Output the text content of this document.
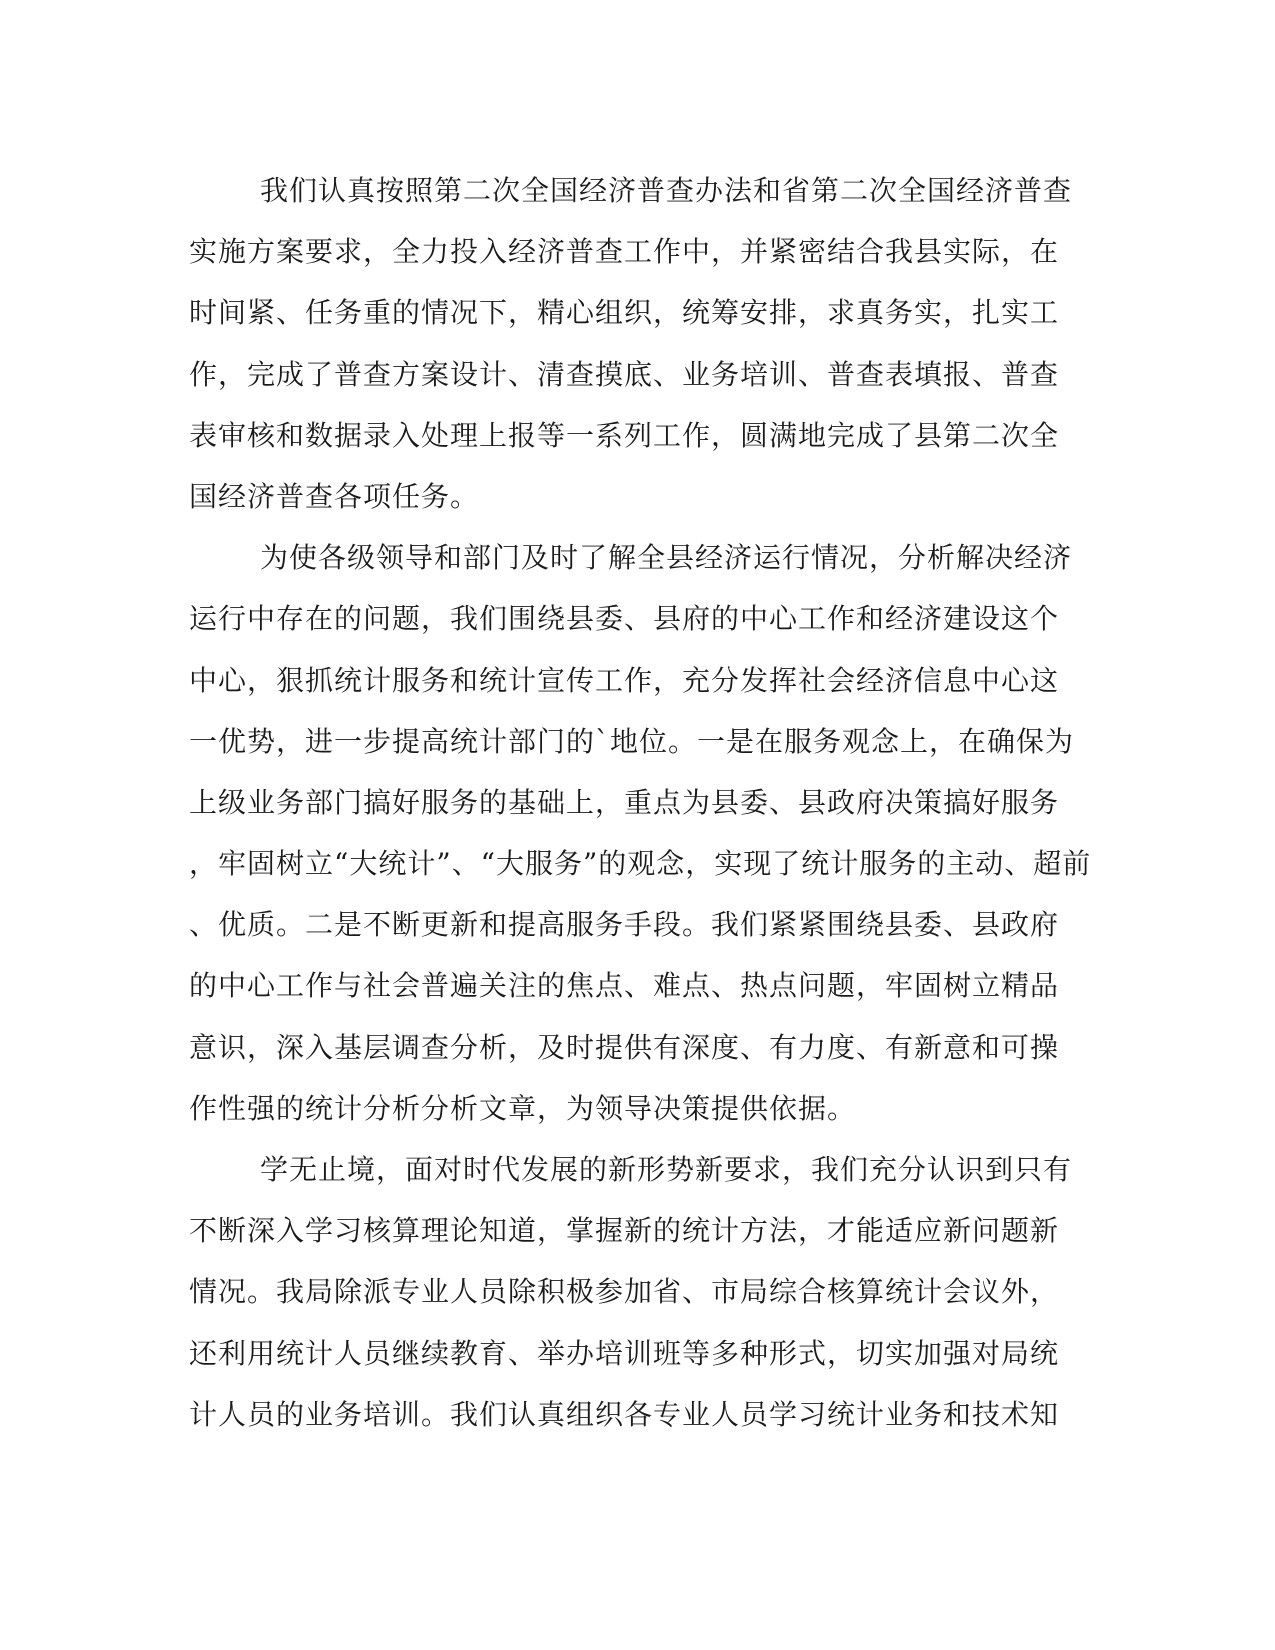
我们认真按照第二次全国经济普查办法和省第二次全国经济普查
实施方案要求，全力投入经济普查工作中，并紧密结合我县实际，在
时间紧、任务重的情况下，精心组织，统筹安排，求真务实，扎实工
作，完成了普查方案设计、清查摸底、业务培训、普查表填报、普查
表审核和数据录入处理上报等一系列工作，圆满地完成了县第二次全
国经济普查各项任务。
为使各级领导和部门及时了解全县经济运行情况，分析解决经济
运行中存在的问题，我们围绕县委、县府的中心工作和经济建设这个
中心，狠抓统计服务和统计宣传工作，充分发挥社会经济信息中心这
一优势，进一步提高统计部门的`地位。一是在服务观念上，在确保为
上级业务部门搞好服务的基础上，重点为县委、县政府决策搞好服务
，牢固树立“大统计”、“大服务”的观念，实现了统计服务的主动、超前
、优质。二是不断更新和提高服务手段。我们紧紧围绕县委、县政府
的中心工作与社会普遍关注的焦点、难点、热点问题，牢固树立精品
意识，深入基层调查分析，及时提供有深度、有力度、有新意和可操
作性强的统计分析分析文章，为领导决策提供依据。
学无止境，面对时代发展的新形势新要求，我们充分认识到只有
不断深入学习核算理论知道，掌握新的统计方法，才能适应新问题新
情况。我局除派专业人员除积极参加省、市局综合核算统计会议外，
还利用统计人员继续教育、举办培训班等多种形式，切实加强对局统
计人员的业务培训。我们认真组织各专业人员学习统计业务和技术知
